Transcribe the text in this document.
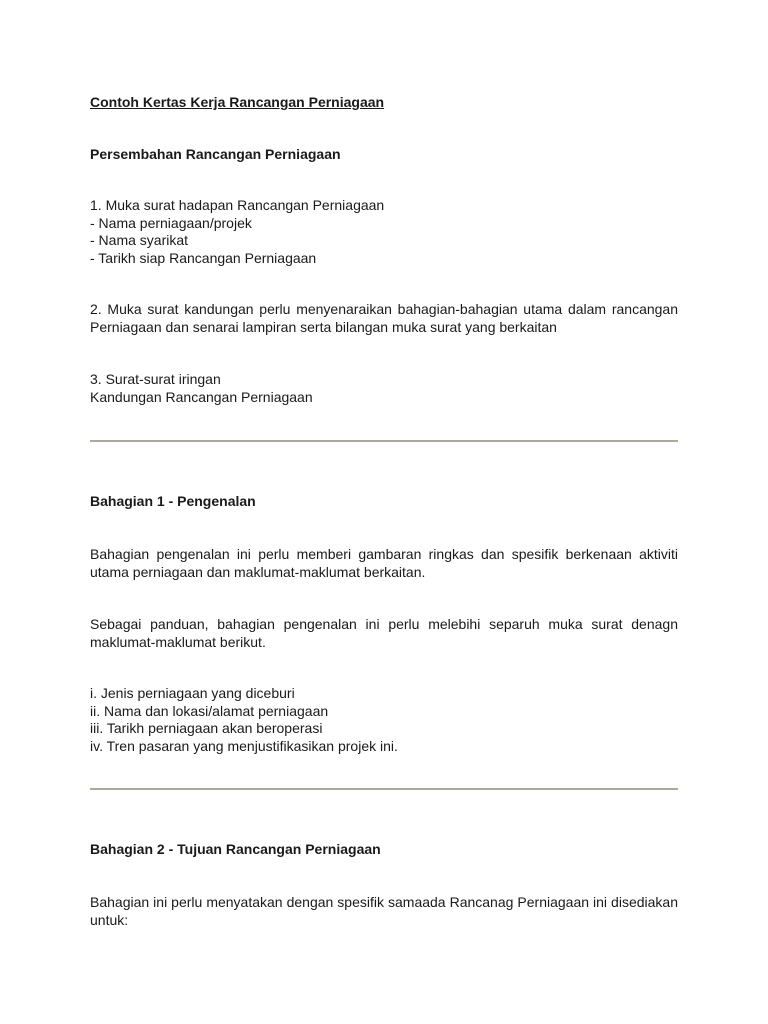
Contoh Kertas Kerja Rancangan Perniagaan
Persembahan Rancangan Perniagaan
1. Muka surat hadapan Rancangan Perniagaan
- Nama perniagaan/projek
- Nama syarikat
- Tarikh siap Rancangan Perniagaan
2. Muka surat kandungan perlu menyenaraikan bahagian-bahagian utama dalam rancangan Perniagaan dan senarai lampiran serta bilangan muka surat yang berkaitan
3. Surat-surat iringan
Kandungan Rancangan Perniagaan
Bahagian 1 - Pengenalan
Bahagian pengenalan ini perlu memberi gambaran ringkas dan spesifik berkenaan aktiviti utama perniagaan dan maklumat-maklumat berkaitan.
Sebagai panduan, bahagian pengenalan ini perlu melebihi separuh muka surat denagn maklumat-maklumat berikut.
i. Jenis perniagaan yang diceburi
ii. Nama dan lokasi/alamat perniagaan
iii. Tarikh perniagaan akan beroperasi
iv. Tren pasaran yang menjustifikasikan projek ini.
Bahagian 2 - Tujuan Rancangan Perniagaan
Bahagian ini perlu menyatakan dengan spesifik samaada Rancanag Perniagaan ini disediakan untuk:
